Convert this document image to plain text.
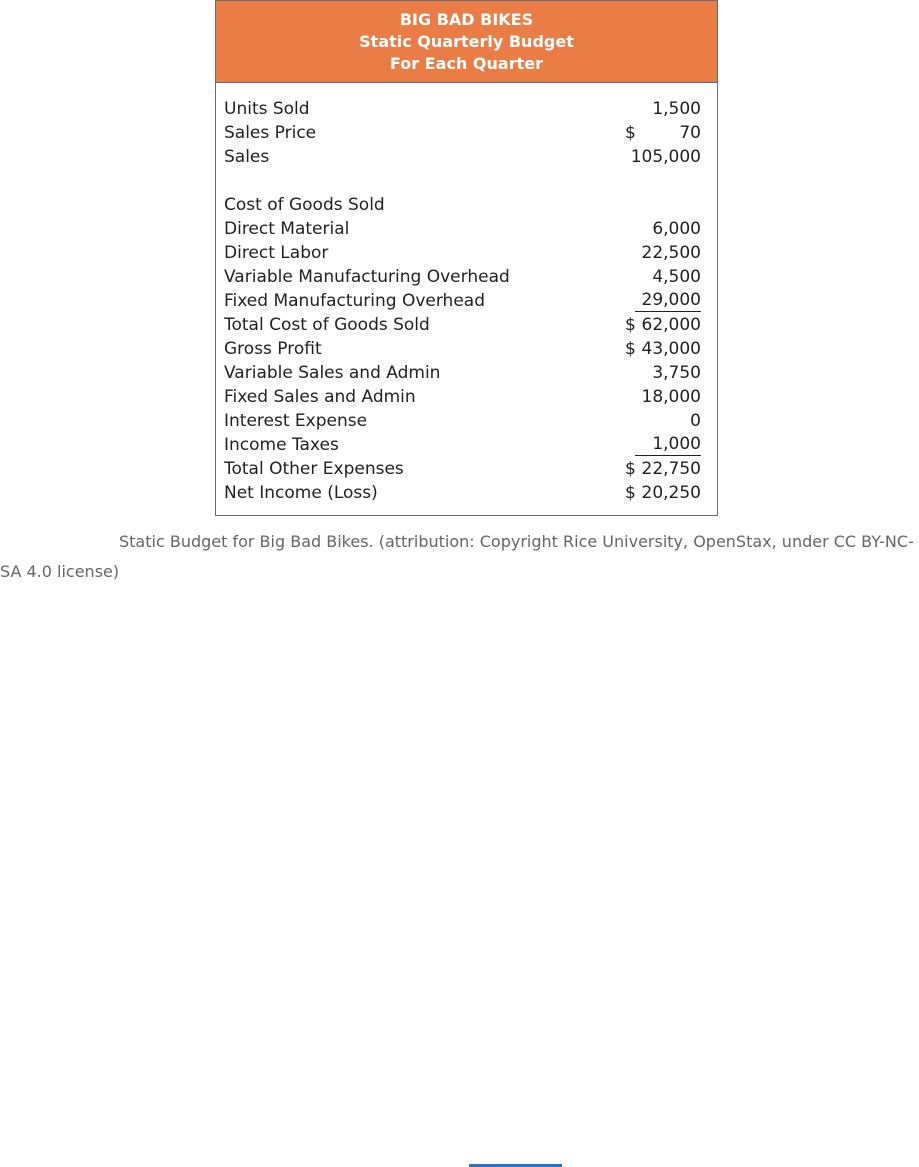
BIG BAD BIKES
Static Quarterly Budget
For Each Quarter
Units Sold	1,500
Sales Price	$	70
Sales	105,000
Cost of Goods Sold
Direct Material	6,000
Direct Labor	22,500
Variable Manufacturing Overhead	4,500
Fixed Manufacturing Overhead	29,000
Total Cost of Goods Sold	$ 62,000
Gross Profit	$ 43,000
Variable Sales and Admin	3,750
Fixed Sales and Admin	18,000
Interest Expense	0
Income Taxes	1,000
Total Other Expenses	$ 22,750
Net Income (Loss)	$ 20,250
Static Budget for Big Bad Bikes. (attribution: Copyright Rice University, OpenStax, under CC BY-NC-SA 4.0 license)
